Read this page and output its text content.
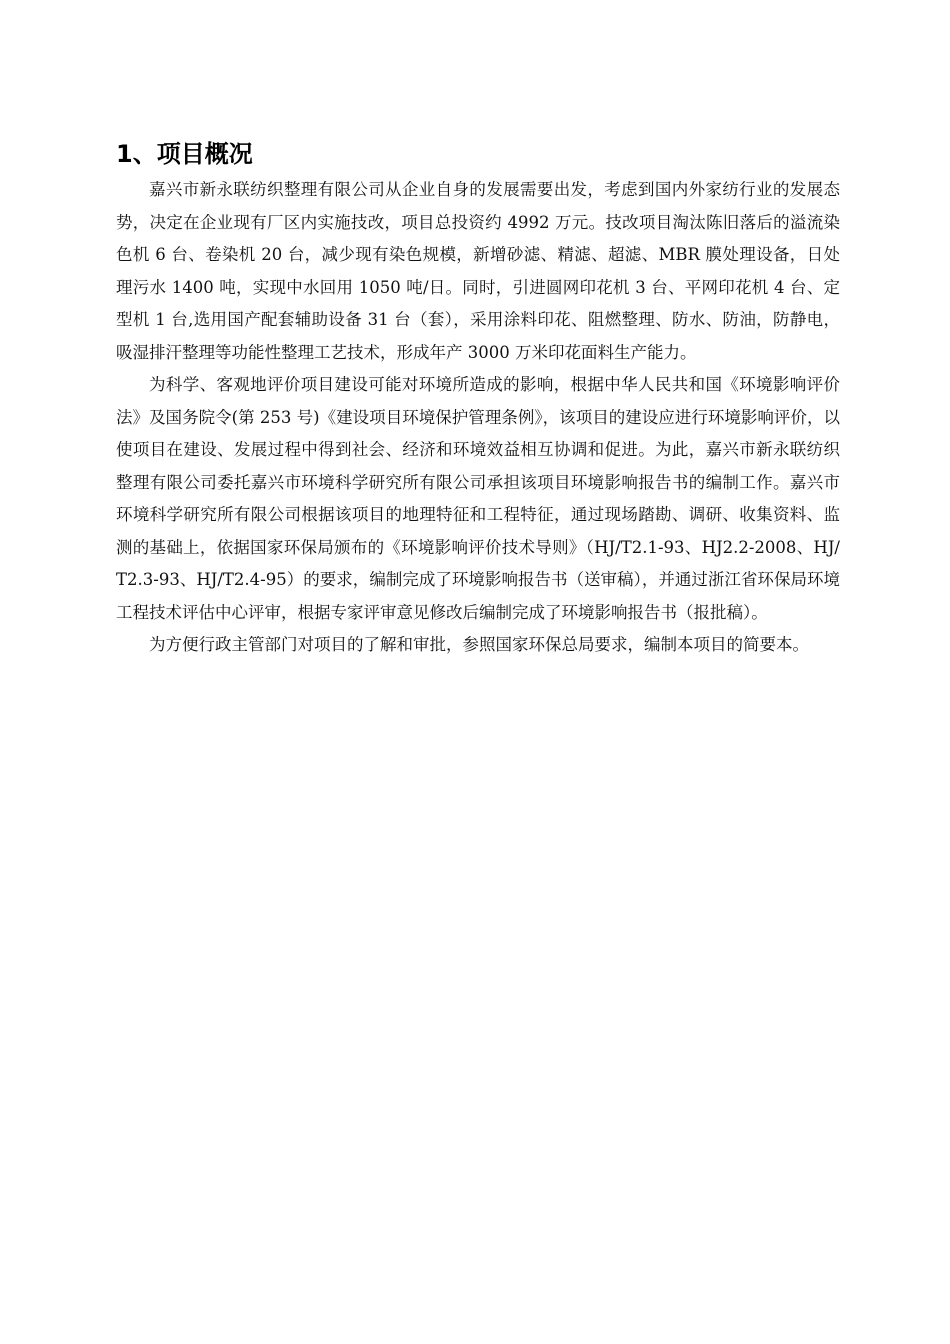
1、项目概况

嘉兴市新永联纺织整理有限公司从企业自身的发展需要出发，考虑到国内外家纺行业的发展态势，决定在企业现有厂区内实施技改，项目总投资约 4992 万元。技改项目淘汰陈旧落后的溢流染色机 6 台、卷染机 20 台，减少现有染色规模，新增砂滤、精滤、超滤、MBR 膜处理设备，日处理污水 1400 吨，实现中水回用 1050 吨/日。同时，引进圆网印花机 3 台、平网印花机 4 台、定型机 1 台,选用国产配套辅助设备 31 台（套），采用涂料印花、阻燃整理、防水、防油，防静电，吸湿排汗整理等功能性整理工艺技术，形成年产 3000 万米印花面料生产能力。

为科学、客观地评价项目建设可能对环境所造成的影响，根据中华人民共和国《环境影响评价法》及国务院令(第 253 号)《建设项目环境保护管理条例》，该项目的建设应进行环境影响评价，以使项目在建设、发展过程中得到社会、经济和环境效益相互协调和促进。为此，嘉兴市新永联纺织整理有限公司委托嘉兴市环境科学研究所有限公司承担该项目环境影响报告书的编制工作。嘉兴市环境科学研究所有限公司根据该项目的地理特征和工程特征，通过现场踏勘、调研、收集资料、监测的基础上，依据国家环保局颁布的《环境影响评价技术导则》（HJ/T2.1-93、HJ2.2-2008、HJ/T2.3-93、HJ/T2.4-95）的要求，编制完成了环境影响报告书（送审稿），并通过浙江省环保局环境工程技术评估中心评审，根据专家评审意见修改后编制完成了环境影响报告书（报批稿）。

为方便行政主管部门对项目的了解和审批，参照国家环保总局要求，编制本项目的简要本。
